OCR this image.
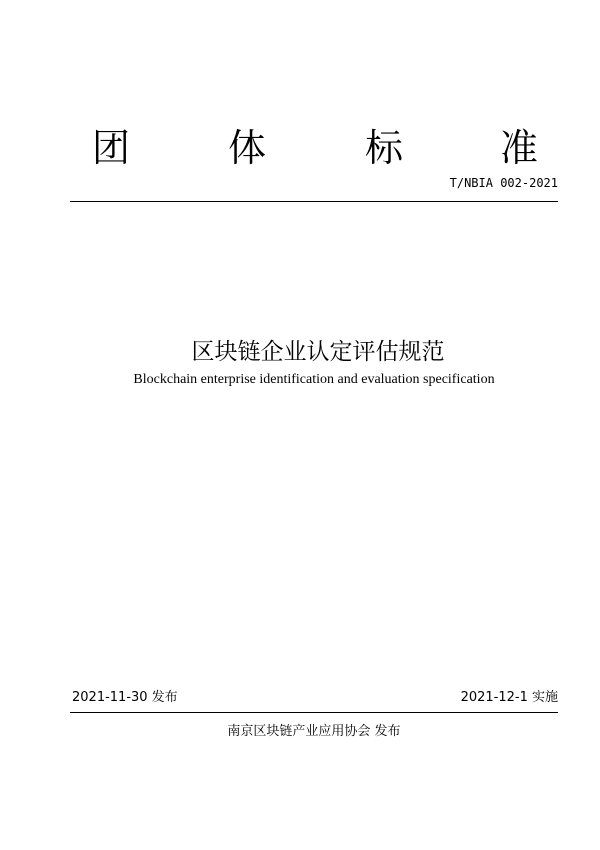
团	体	标	准
T/NBIA 002-2021
区块链企业认定评估规范
Blockchain enterprise identification and evaluation specification
2021-11-30 发布	2021-12-1 实施
南京区块链产业应用协会 发布
